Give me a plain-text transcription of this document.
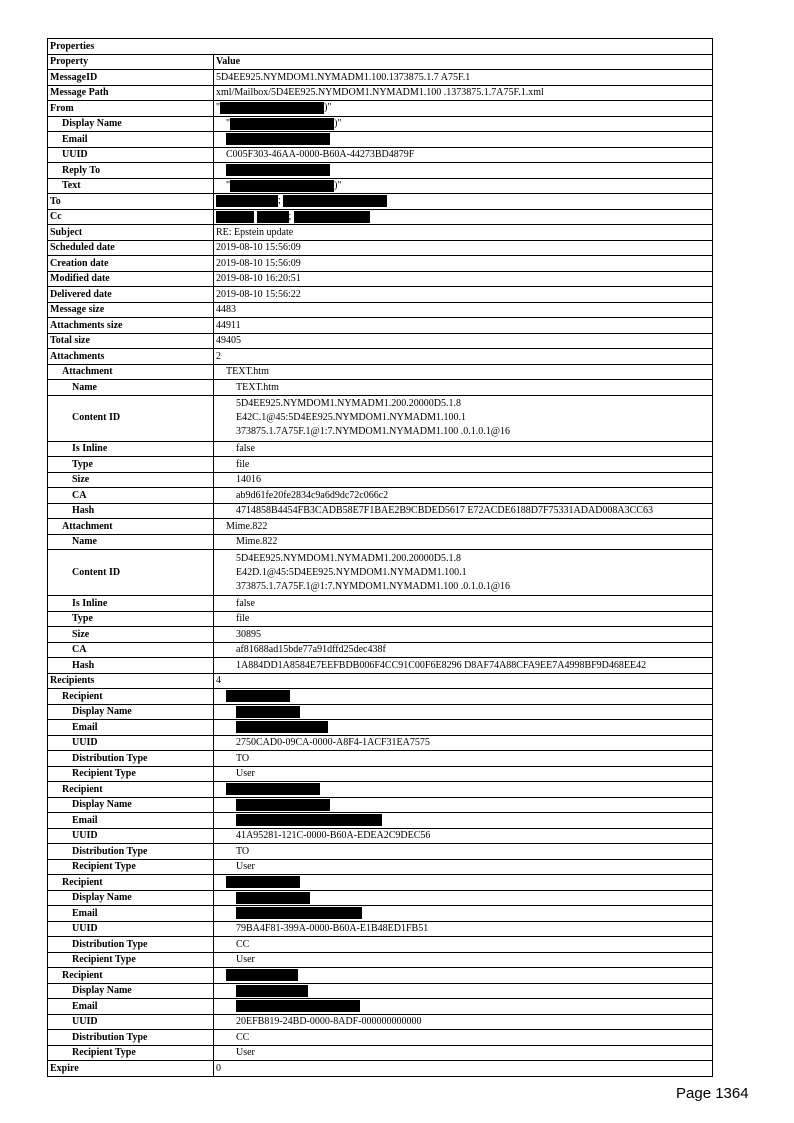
Properties	
Property	Value
MessageID	5D4EE925.NYMDOM1.NYMADM1.100.1373875.1.7 A75F.1

Message Path	xml/Mailbox/5D4EE925.NYMDOM1.NYMADM1.100 .1373875.1.7A75F.1.xml

From	" )"
Display Name	" )"
Email	
UUID	C005F303-46AA-0000-B60A-44273BD4879F

Reply To	
Text	" )"
To	;
Cc	;
Subject	RE: Epstein update

Scheduled date	2019-08-10 15:56:09

Creation date	2019-08-10 15:56:09

Modified date	2019-08-10 16:20:51

Delivered date	2019-08-10 15:56:22

Message size	4483

Attachments size	44911

Total size	49405

Attachments	2

Attachment	TEXT.htm

Name	TEXT.htm

Content ID	5D4EE925.NYMDOM1.NYMADM1.200.20000D5.1.8
E42C.1@45:5D4EE925.NYMDOM1.NYMADM1.100.1
373875.1.7A75F.1@1:7.NYMDOM1.NYMADM1.100 .0.1.0.1@16

Is Inline	false

Type	file

Size	14016

CA	ab9d61fe20fe2834c9a6d9dc72c066c2

Hash	4714858B4454FB3CADB58E7F1BAE2B9CBDED5617 E72ACDE6188D7F75331ADAD008A3CC63

Attachment	Mime.822

Name	Mime.822

Content ID	5D4EE925.NYMDOM1.NYMADM1.200.20000D5.1.8
E42D.1@45:5D4EE925.NYMDOM1.NYMADM1.100.1
373875.1.7A75F.1@1:7.NYMDOM1.NYMADM1.100 .0.1.0.1@16

Is Inline	false

Type	file

Size	30895

CA	af81688ad15bde77a91dffd25dec438f

Hash	1A884DD1A8584E7EEFBDB006F4CC91C00F6E8296 D8AF74A88CFA9EE7A4998BF9D468EE42

Recipients	4

Recipient	
Display Name	
Email	
UUID	2750CAD0-09CA-0000-A8F4-1ACF31EA7575

Distribution Type	TO

Recipient Type	User

Recipient	
Display Name	
Email	
UUID	41A95281-121C-0000-B60A-EDEA2C9DEC56

Distribution Type	TO

Recipient Type	User

Recipient	
Display Name	
Email	
UUID	79BA4F81-399A-0000-B60A-E1B48ED1FB51

Distribution Type	CC

Recipient Type	User

Recipient	
Display Name	
Email	
UUID	20EFB819-24BD-0000-8ADF-000000000000

Distribution Type	CC

Recipient Type	User

Expire	0
Page 1364
